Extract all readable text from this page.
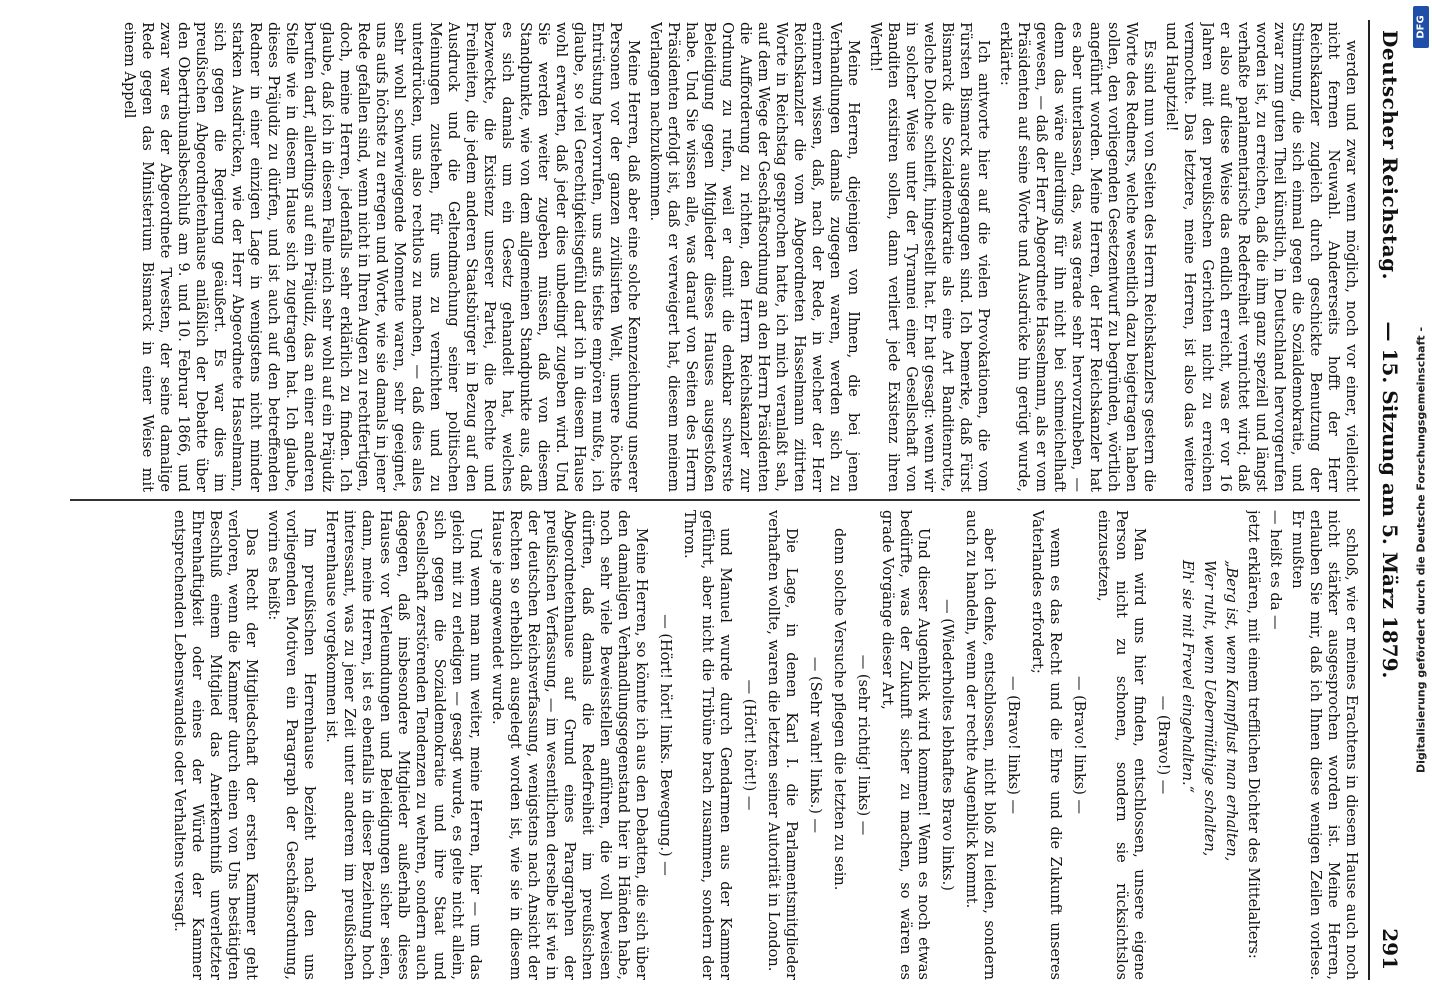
Deutscher Reichstag.
— 15. Sitzung am 5. März 1879.
291

werden und zwar wenn möglich, noch vor einer, vielleicht nicht fernen Neuwahl. Andererseits hofft der Herr Reichskanzler zugleich durch geschickte Benutzung der Stimmung, die sich einmal gegen die Sozialdemokratie, und zwar zum guten Theil künstlich, in Deutschland hervorgerufen worden ist, zu erreichen, daß die ihm ganz speziell und längst verhaßte parlamentarische Redefreiheit vernichtet wird; daß er also auf diese Weise das endlich erreicht, was er vor 16 Jahren mit den preußischen Gerichten nicht zu erreichen vermochte. Das letztere, meine Herren, ist also das weitere und Hauptziel!

Es sind nun von Seiten des Herrn Reichskanzlers gestern die Worte des Redners, welche wesentlich dazu beigetragen haben sollen, den vorliegenden Gesetzentwurf zu begründen, wörtlich angeführt worden. Meine Herren, der Herr Reichskanzler hat es aber unterlassen, das, was gerade sehr hervorzuheben, — denn das wäre allerdings für ihn nicht bei schmeichelhaft gewesen, — daß der Herr Abgeordnete Hasselmann, als er vom Präsidenten auf seine Worte und Ausdrücke hin gerügt wurde, erklärte:

Ich antworte hier auf die vielen Provokationen, die vom Fürsten Bismarck ausgegangen sind. Ich bemerke, daß Fürst Bismarck die Sozialdemokratie als eine Art Banditenrotte, welche Dolche schleift, hingestellt hat. Er hat gesagt: wenn wir in solcher Weise unter der Tyrannei einer Gesellschaft von Banditen existiren sollen, dann verliert jede Existenz ihren Werth!

Meine Herren, diejenigen von Ihnen, die bei jenen Verhandlungen damals zugegen waren, werden sich zu erinnern wissen, daß, nach der Rede, in welcher der Herr Reichskanzler die vom Abgeordneten Hasselmann zitirten Worte in Reichstag gesprochen hatte, ich mich veranlaßt sah, auf dem Wege der Geschäftsordnung an den Herrn Präsidenten die Aufforderung zu richten, den Herrn Reichskanzler zur Ordnung zu rufen, weil er damit die denkbar schwerste Beleidigung gegen Mitglieder dieses Hauses ausgestoßen habe. Und Sie wissen alle, was darauf von Seiten des Herrn Präsidenten erfolgt ist, daß er verweigert hat, diesem meinem Verlangen nachzukommen.

Meine Herren, daß aber eine solche Kennzeichnung unserer Personen vor der ganzen zivilisirten Welt, unsere höchste Entrüstung hervorrufen, uns aufs tiefste empören mußte, ich glaube, so viel Gerechtigkeitsgefühl darf ich in diesem Hause wohl erwarten, daß jeder dies unbedingt zugeben wird. Und Sie werden weiter zugeben müssen, daß von diesem Standpunkte, wie von dem allgemeinen Standpunkte aus, daß es sich damals um ein Gesetz gehandelt hat, welches bezweckte, die Existenz unserer Partei, die Rechte und Freiheiten, die jedem anderen Staatsbürger in Bezug auf den Ausdruck und die Geltendmachung seiner politischen Meinungen zustehen, für uns zu vernichten und zu unterdrücken, uns also rechtlos zu machen, — daß dies alles sehr wohl schwerwiegende Momente waren, sehr geeignet, uns aufs höchste zu erregen und Worte, wie sie damals in jener Rede gefallen sind, wenn nicht in Ihren Augen zu rechtfertigen, doch, meine Herren, jedenfalls sehr erklärlich zu finden. Ich glaube, daß ich in diesem Falle mich sehr wohl auf ein Präjudiz berufen darf, allerdings auf ein Präjudiz, das an einer anderen Stelle wie in diesem Hause sich zugetragen hat. Ich glaube, dieses Präjudiz zu dürfen, und ist auch auf den betreffenden Redner in einer einzigen Lage in wenigstens nicht minder starken Ausdrücken, wie der Herr Abgeordnete Hasselmann, sich gegen die Regierung geäußert. Es war dies im preußischen Abgeordnetenhause anläßlich der Debatte über den Obertribunalsbeschluß am 9. und 10. Februar 1866, und zwar war es der Abgeordnete Twesten, der seine damalige Rede gegen das Ministerium Bismarck in einer Weise mit einem Appell

schloß, wie er meines Erachtens in diesem Hause auch noch nicht stärker ausgesprochen worden ist. Meine Herren, erlauben Sie mir, daß ich Ihnen diese wenigen Zeilen vorlese. Er mußten

— heißt es da —

jetzt erklären, mit einem trefflichen Dichter des Mittelalters:

„Berg ist, wenn Kampflust man erhalten,

Wer ruht, wenn Uebermüthige schalten,

Eh' sie mit Frevel eingehalten.“

— (Bravo!) —

Man wird uns hier finden, entschlossen, unsere eigene Person nicht zu schonen, sondern sie rücksichtslos einzusetzen,

— (Bravo! links) —

wenn es das Recht und die Ehre und die Zukunft unseres Vaterlandes erfordert;

— (Bravo! links) —

aber ich denke, entschlossen, nicht bloß zu leiden, sondern auch zu handeln, wenn der rechte Augenblick kommt.

— (Wiederholtes lebhaftes Bravo links.)

Und dieser Augenblick wird kommen! Wenn es noch etwas bedürfte, was der Zukunft sicher zu machen, so wären es grade Vorgänge dieser Art,

— (sehr richtig! links) —

denn solche Versuche pflegen die letzten zu sein.

— (Sehr wahr! links.) —

Die Lage, in denen Karl I. die Parlamentsmitglieder verhaften wollte, waren die letzten seiner Autorität in London.

— (Hört! hört!) —

und Manuel wurde durch Gendarmen aus der Kammer geführt, aber nicht die Tribüne brach zusammen, sondern der Thron.

— (Hört! hört! links. Bewegung.) —

Meine Herren, so könnte ich aus den Debatten, die sich über den damaligen Verhandlungsgegenstand hier in Händen habe, noch sehr viele Beweisstellen anführen, die voll beweisen dürften, daß damals die Redefreiheit im preußischen Abgeordnetenhause auf Grund eines Paragraphen der preußischen Verfassung, — im wesentlichen derselbe ist wie in der deutschen Reichsverfassung, wenigstens nach Ansicht der Rechten so erheblich ausgelegt worden ist, wie sie in diesem Hause je angewendet wurde.

Und wenn man nun weiter, meine Herren, hier — um das gleich mit zu erledigen — gesagt wurde, es gelte nicht allein, sich gegen die Sozialdemokratie und ihre Staat und Gesellschaft zerstörenden Tendenzen zu wehren, sondern auch dagegen, daß insbesondere Mitglieder außerhalb dieses Hauses vor Verleumdungen und Beleidigungen sicher seien, dann, meine Herren, ist es ebenfalls in dieser Beziehung hoch interessant, was zu jener Zeit unter anderem im preußischen Herrenhause vorgekommen ist.

Im preußischen Herrenhause bezieht nach den uns vorliegenden Motiven ein Paragraph der Geschäftsordnung, worin es heißt:

Das Recht der Mitgliedschaft der ersten Kammer geht verloren, wenn die Kammer durch einen von Uns bestätigten Beschluß einem Mitglied das Anerkenntniß unverletzter Ehrenhaftigkeit oder eines der Würde der Kammer entsprechenden Lebenswandels oder Verhaltens versagt.

DFG
Digitalisierung gefördert durch die Deutsche Forschungsgemeinschaft -
